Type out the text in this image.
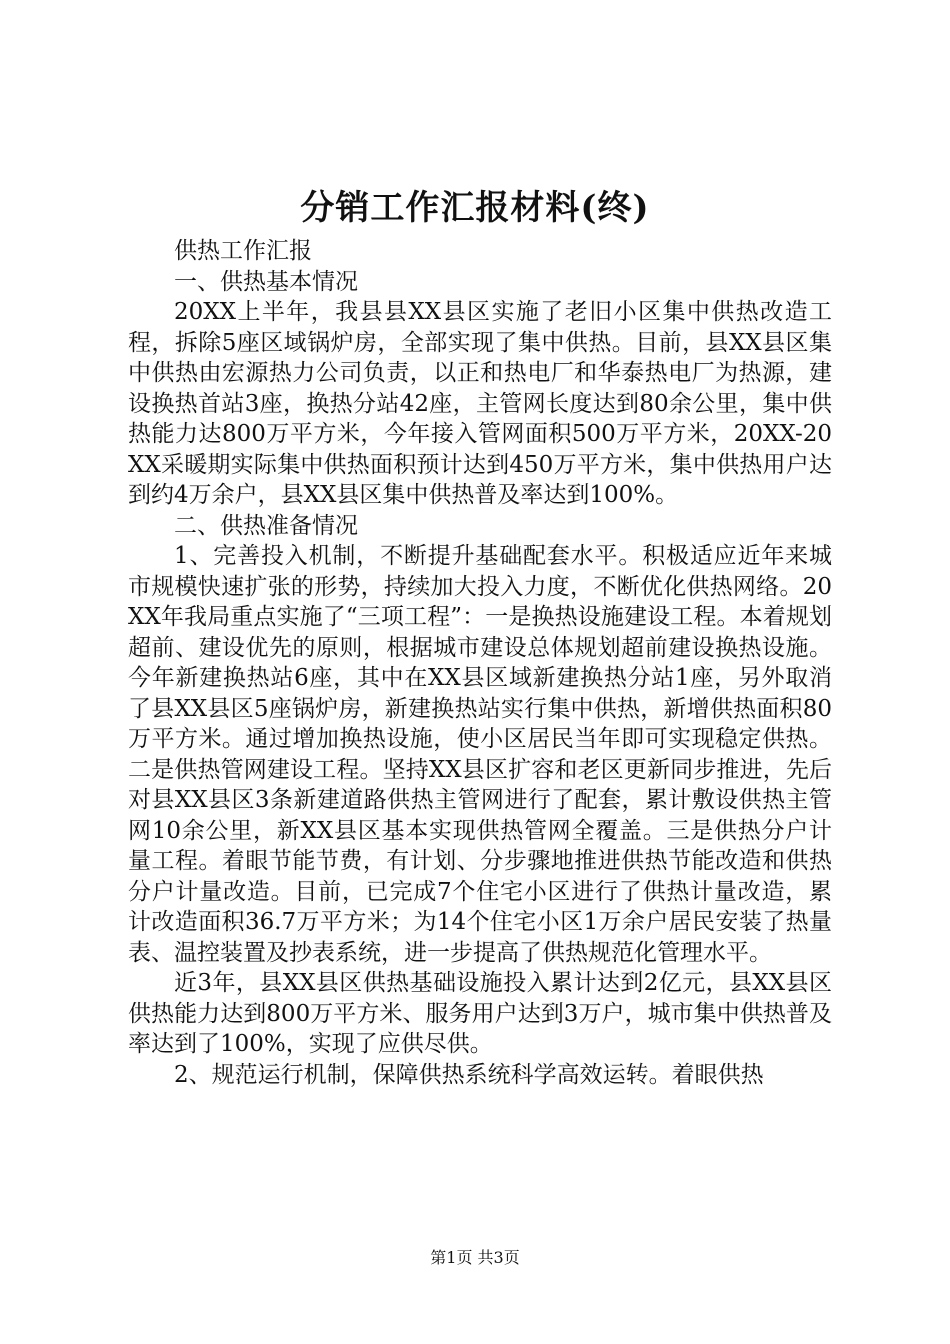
分销工作汇报材料(终)

供热工作汇报

一、供热基本情况

20XX上半年，我县县XX县区实施了老旧小区集中供热改造工程，拆除5座区域锅炉房，全部实现了集中供热。目前，县XX县区集中供热由宏源热力公司负责，以正和热电厂和华泰热电厂为热源，建设换热首站3座，换热分站42座，主管网长度达到80余公里，集中供热能力达800万平方米，今年接入管网面积500万平方米，20XX-20XX采暖期实际集中供热面积预计达到450万平方米，集中供热用户达到约4万余户，县XX县区集中供热普及率达到100%。

二、供热准备情况

1、完善投入机制，不断提升基础配套水平。积极适应近年来城市规模快速扩张的形势，持续加大投入力度，不断优化供热网络。20XX年我局重点实施了“三项工程”：一是换热设施建设工程。本着规划超前、建设优先的原则，根据城市建设总体规划超前建设换热设施。今年新建换热站6座，其中在XX县区域新建换热分站1座，另外取消了县XX县区5座锅炉房，新建换热站实行集中供热，新增供热面积80万平方米。通过增加换热设施，使小区居民当年即可实现稳定供热。二是供热管网建设工程。坚持XX县区扩容和老区更新同步推进，先后对县XX县区3条新建道路供热主管网进行了配套，累计敷设供热主管网10余公里，新XX县区基本实现供热管网全覆盖。三是供热分户计量工程。着眼节能节费，有计划、分步骤地推进供热节能改造和供热分户计量改造。目前，已完成7个住宅小区进行了供热计量改造，累计改造面积36.7万平方米；为14个住宅小区1万余户居民安装了热量表、温控装置及抄表系统，进一步提高了供热规范化管理水平。

近3年，县XX县区供热基础设施投入累计达到2亿元，县XX县区供热能力达到800万平方米、服务用户达到3万户，城市集中供热普及率达到了100%，实现了应供尽供。

2、规范运行机制，保障供热系统科学高效运转。着眼供热

第1页 共3页
